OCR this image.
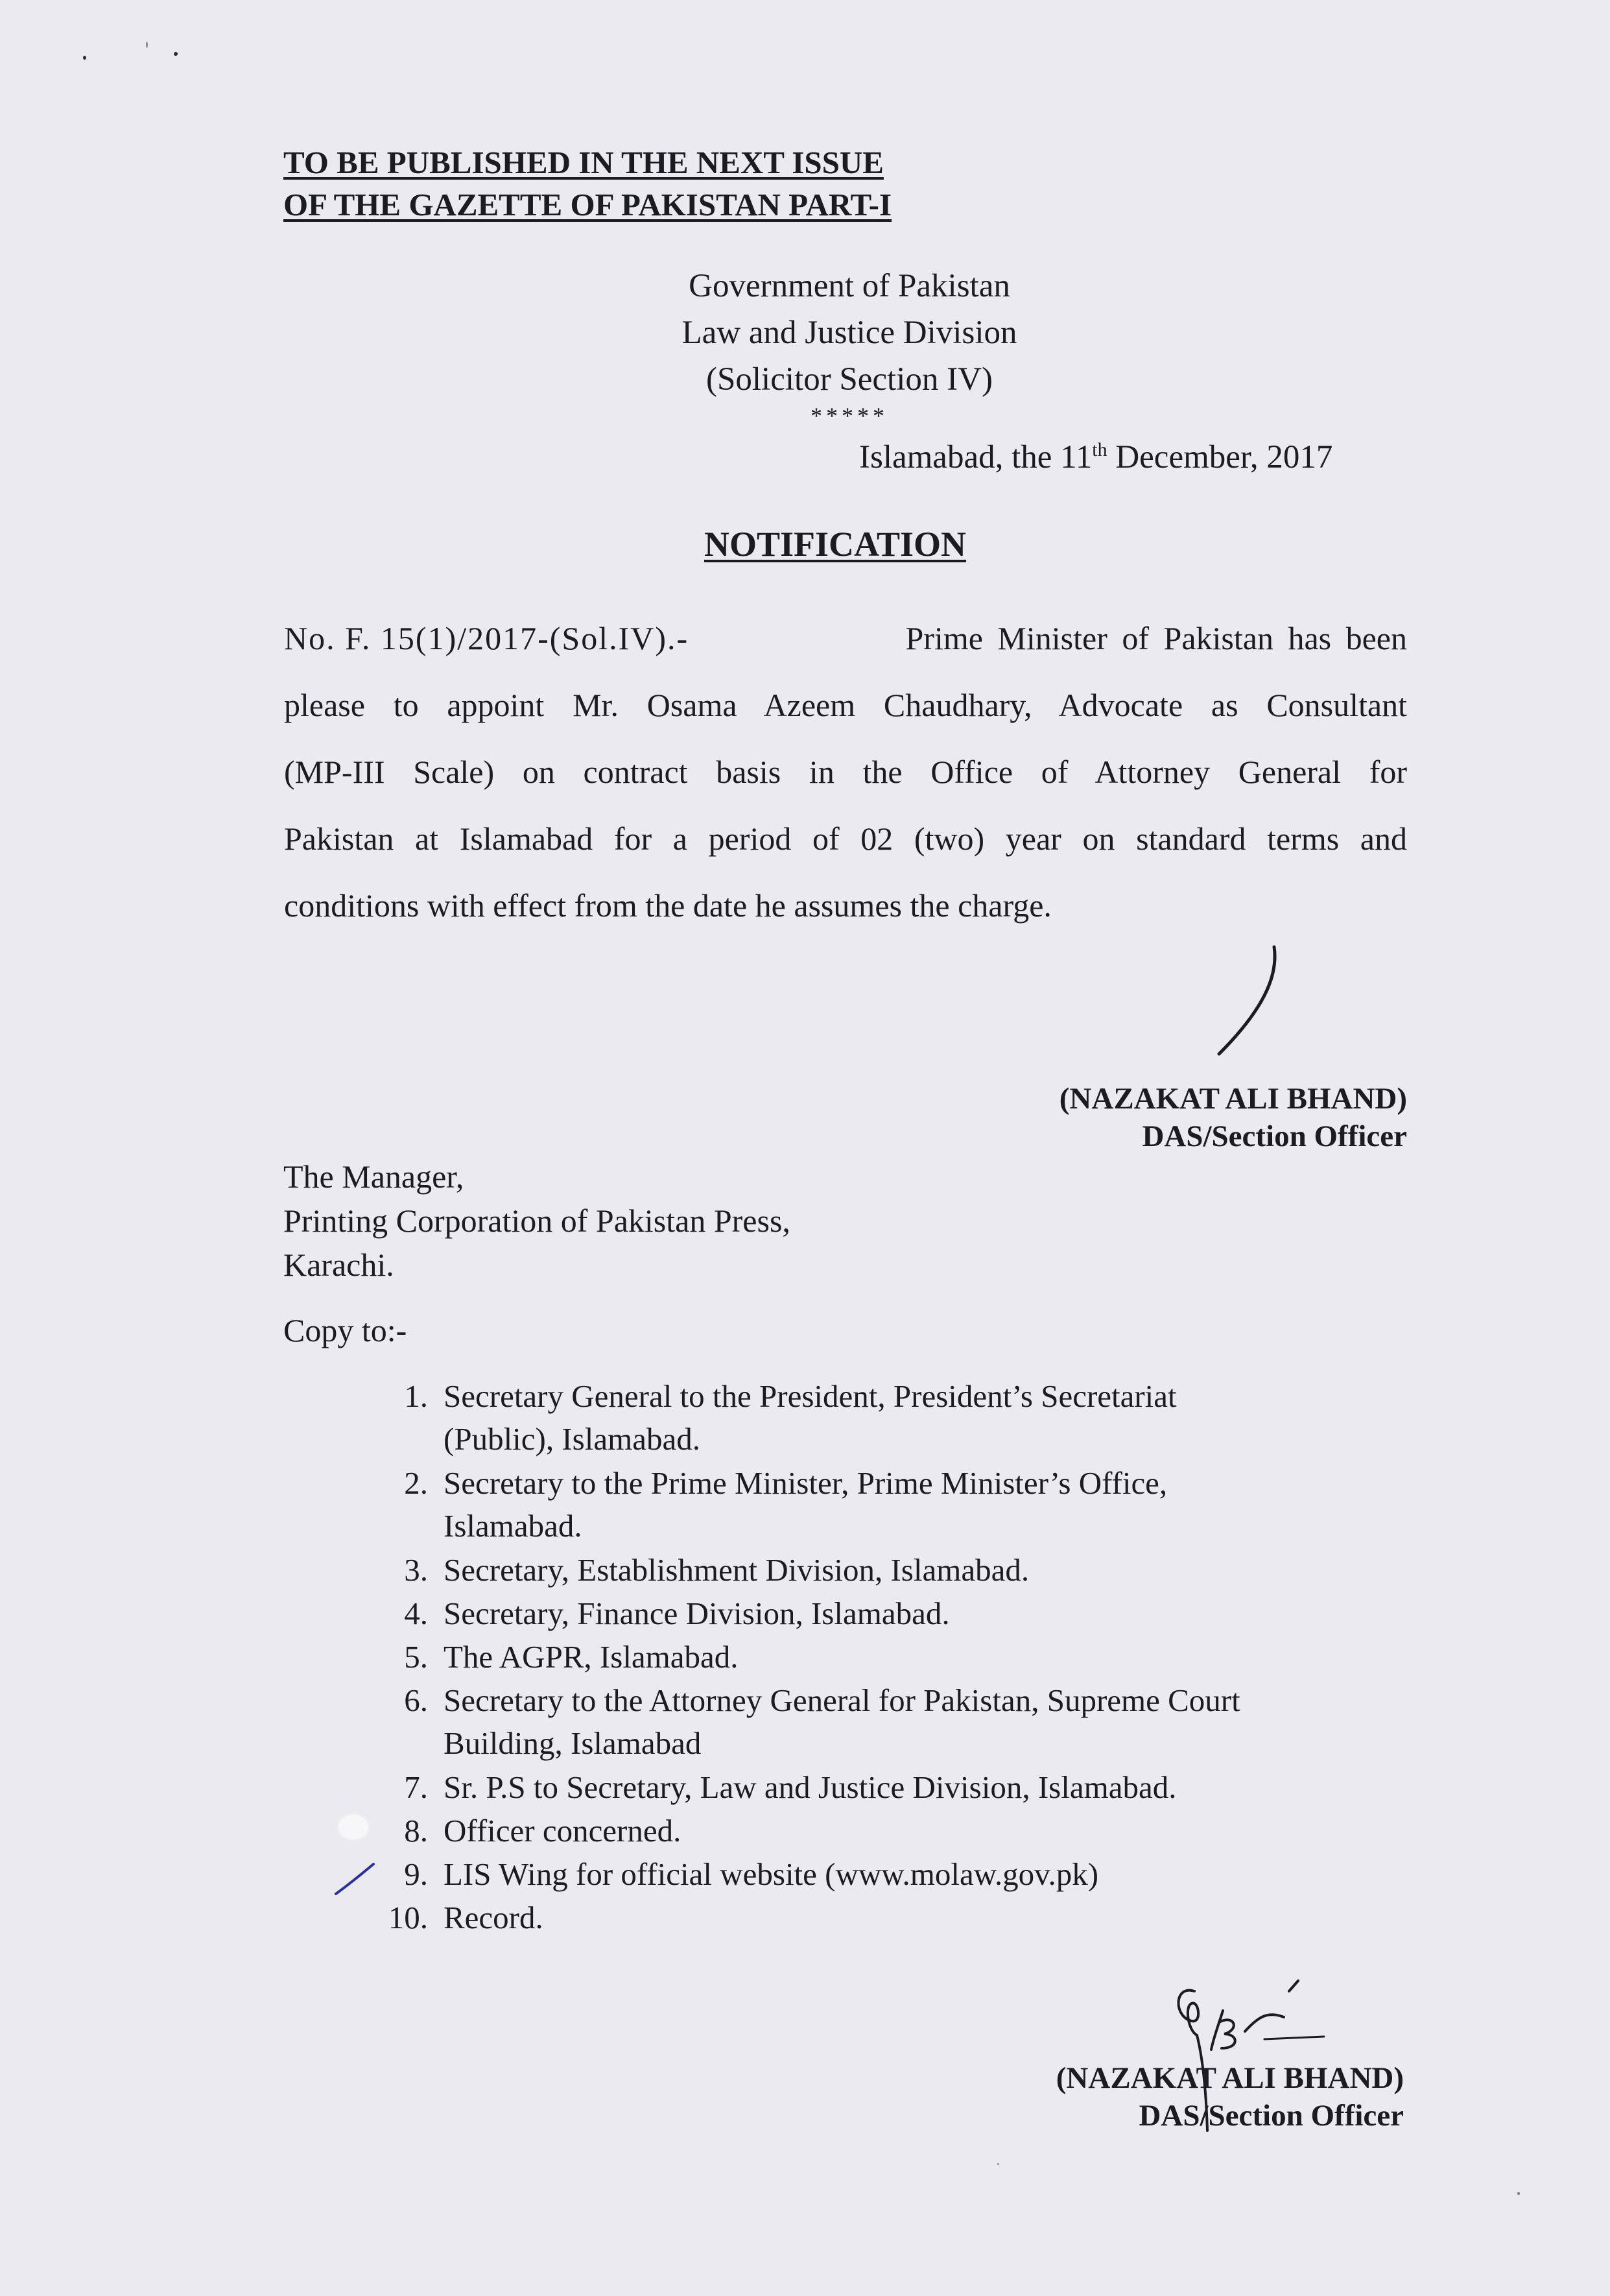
TO BE PUBLISHED IN THE NEXT ISSUE
OF THE GAZETTE OF PAKISTAN PART-I
Government of Pakistan
Law and Justice Division
(Solicitor Section IV)
*****
Islamabad, the 11th December, 2017
NOTIFICATION
No. F. 15(1)/2017-(Sol.IV).-	Prime Minister of Pakistan has been
please to appoint Mr. Osama Azeem Chaudhary, Advocate as Consultant
(MP-III Scale) on contract basis in the Office of Attorney General for
Pakistan at Islamabad for a period of 02 (two) year on standard terms and
conditions with effect from the date he assumes the charge.
(NAZAKAT ALI BHAND)
DAS/Section Officer
The Manager,
Printing Corporation of Pakistan Press,
Karachi.
Copy to:-
1. Secretary General to the President, President’s Secretariat
(Public), Islamabad.
2. Secretary to the Prime Minister, Prime Minister’s Office,
Islamabad.
3. Secretary, Establishment Division, Islamabad.
4. Secretary, Finance Division, Islamabad.
5. The AGPR, Islamabad.
6. Secretary to the Attorney General for Pakistan, Supreme Court
Building, Islamabad
7. Sr. P.S to Secretary, Law and Justice Division, Islamabad.
8. Officer concerned.
9. LIS Wing for official website (www.molaw.gov.pk)
10. Record.
(NAZAKAT ALI BHAND)
DAS/Section Officer
